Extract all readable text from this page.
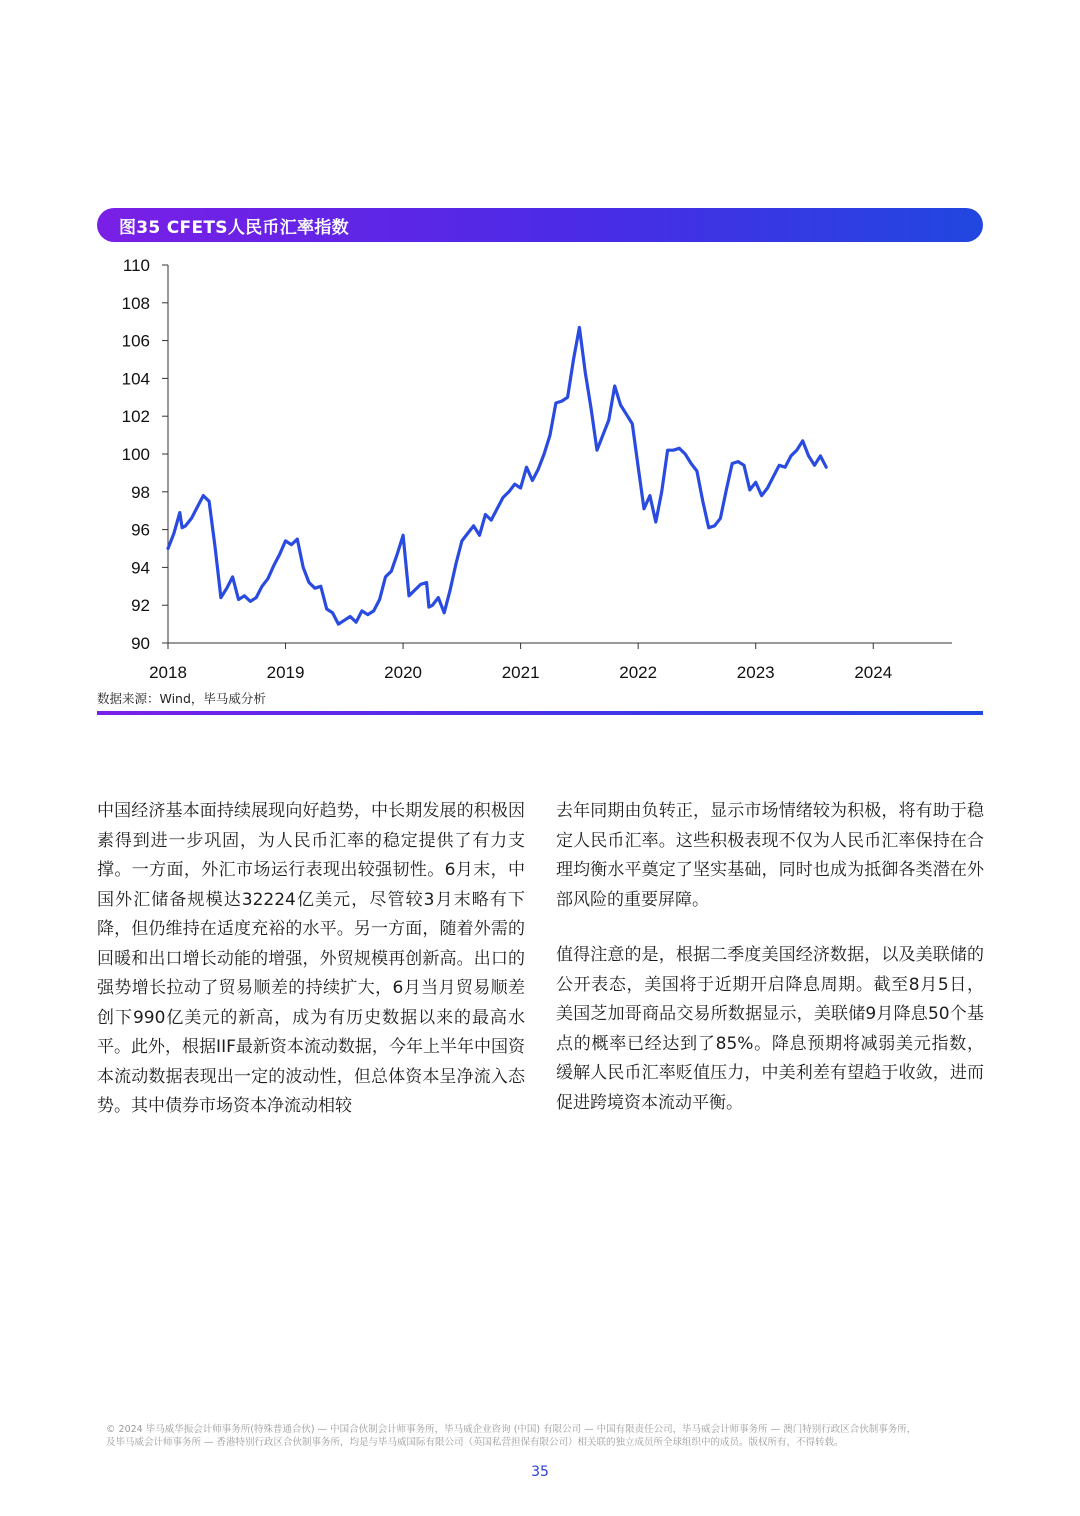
图35 CFETS人民币汇率指数
90
92
94
96
98
100
102
104
106
108
110
2018	2019	2020	2021	2022	2023	2024
数据来源：Wind，毕马威分析

中国经济基本面持续展现向好趋势，中长期发展的积极因素得到进一步巩固，为人民币汇率的稳定提供了有力支撑。一方面，外汇市场运行表现出较强韧性。6月末，中国外汇储备规模达32224亿美元，尽管较3月末略有下降，但仍维持在适度充裕的水平。另一方面，随着外需的回暖和出口增长动能的增强，外贸规模再创新高。出口的强势增长拉动了贸易顺差的持续扩大，6月当月贸易顺差创下990亿美元的新高，成为有历史数据以来的最高水平。此外，根据IIF最新资本流动数据，今年上半年中国资本流动数据表现出一定的波动性，但总体资本呈净流入态势。其中债券市场资本净流动相较

去年同期由负转正，显示市场情绪较为积极，将有助于稳定人民币汇率。这些积极表现不仅为人民币汇率保持在合理均衡水平奠定了坚实基础，同时也成为抵御各类潜在外部风险的重要屏障。

值得注意的是，根据二季度美国经济数据，以及美联储的公开表态，美国将于近期开启降息周期。截至8月5日，美国芝加哥商品交易所数据显示，美联储9月降息50个基点的概率已经达到了85%。降息预期将减弱美元指数，缓解人民币汇率贬值压力，中美利差有望趋于收敛，进而促进跨境资本流动平衡。

© 2024 毕马威华振会计师事务所(特殊普通合伙) — 中国合伙制会计师事务所，毕马威企业咨询 (中国) 有限公司 — 中国有限责任公司，毕马威会计师事务所 — 澳门特别行政区合伙制事务所，
及毕马威会计师事务所 — 香港特别行政区合伙制事务所，均是与毕马威国际有限公司（英国私营担保有限公司）相关联的独立成员所全球组织中的成员。版权所有，不得转载。
35
